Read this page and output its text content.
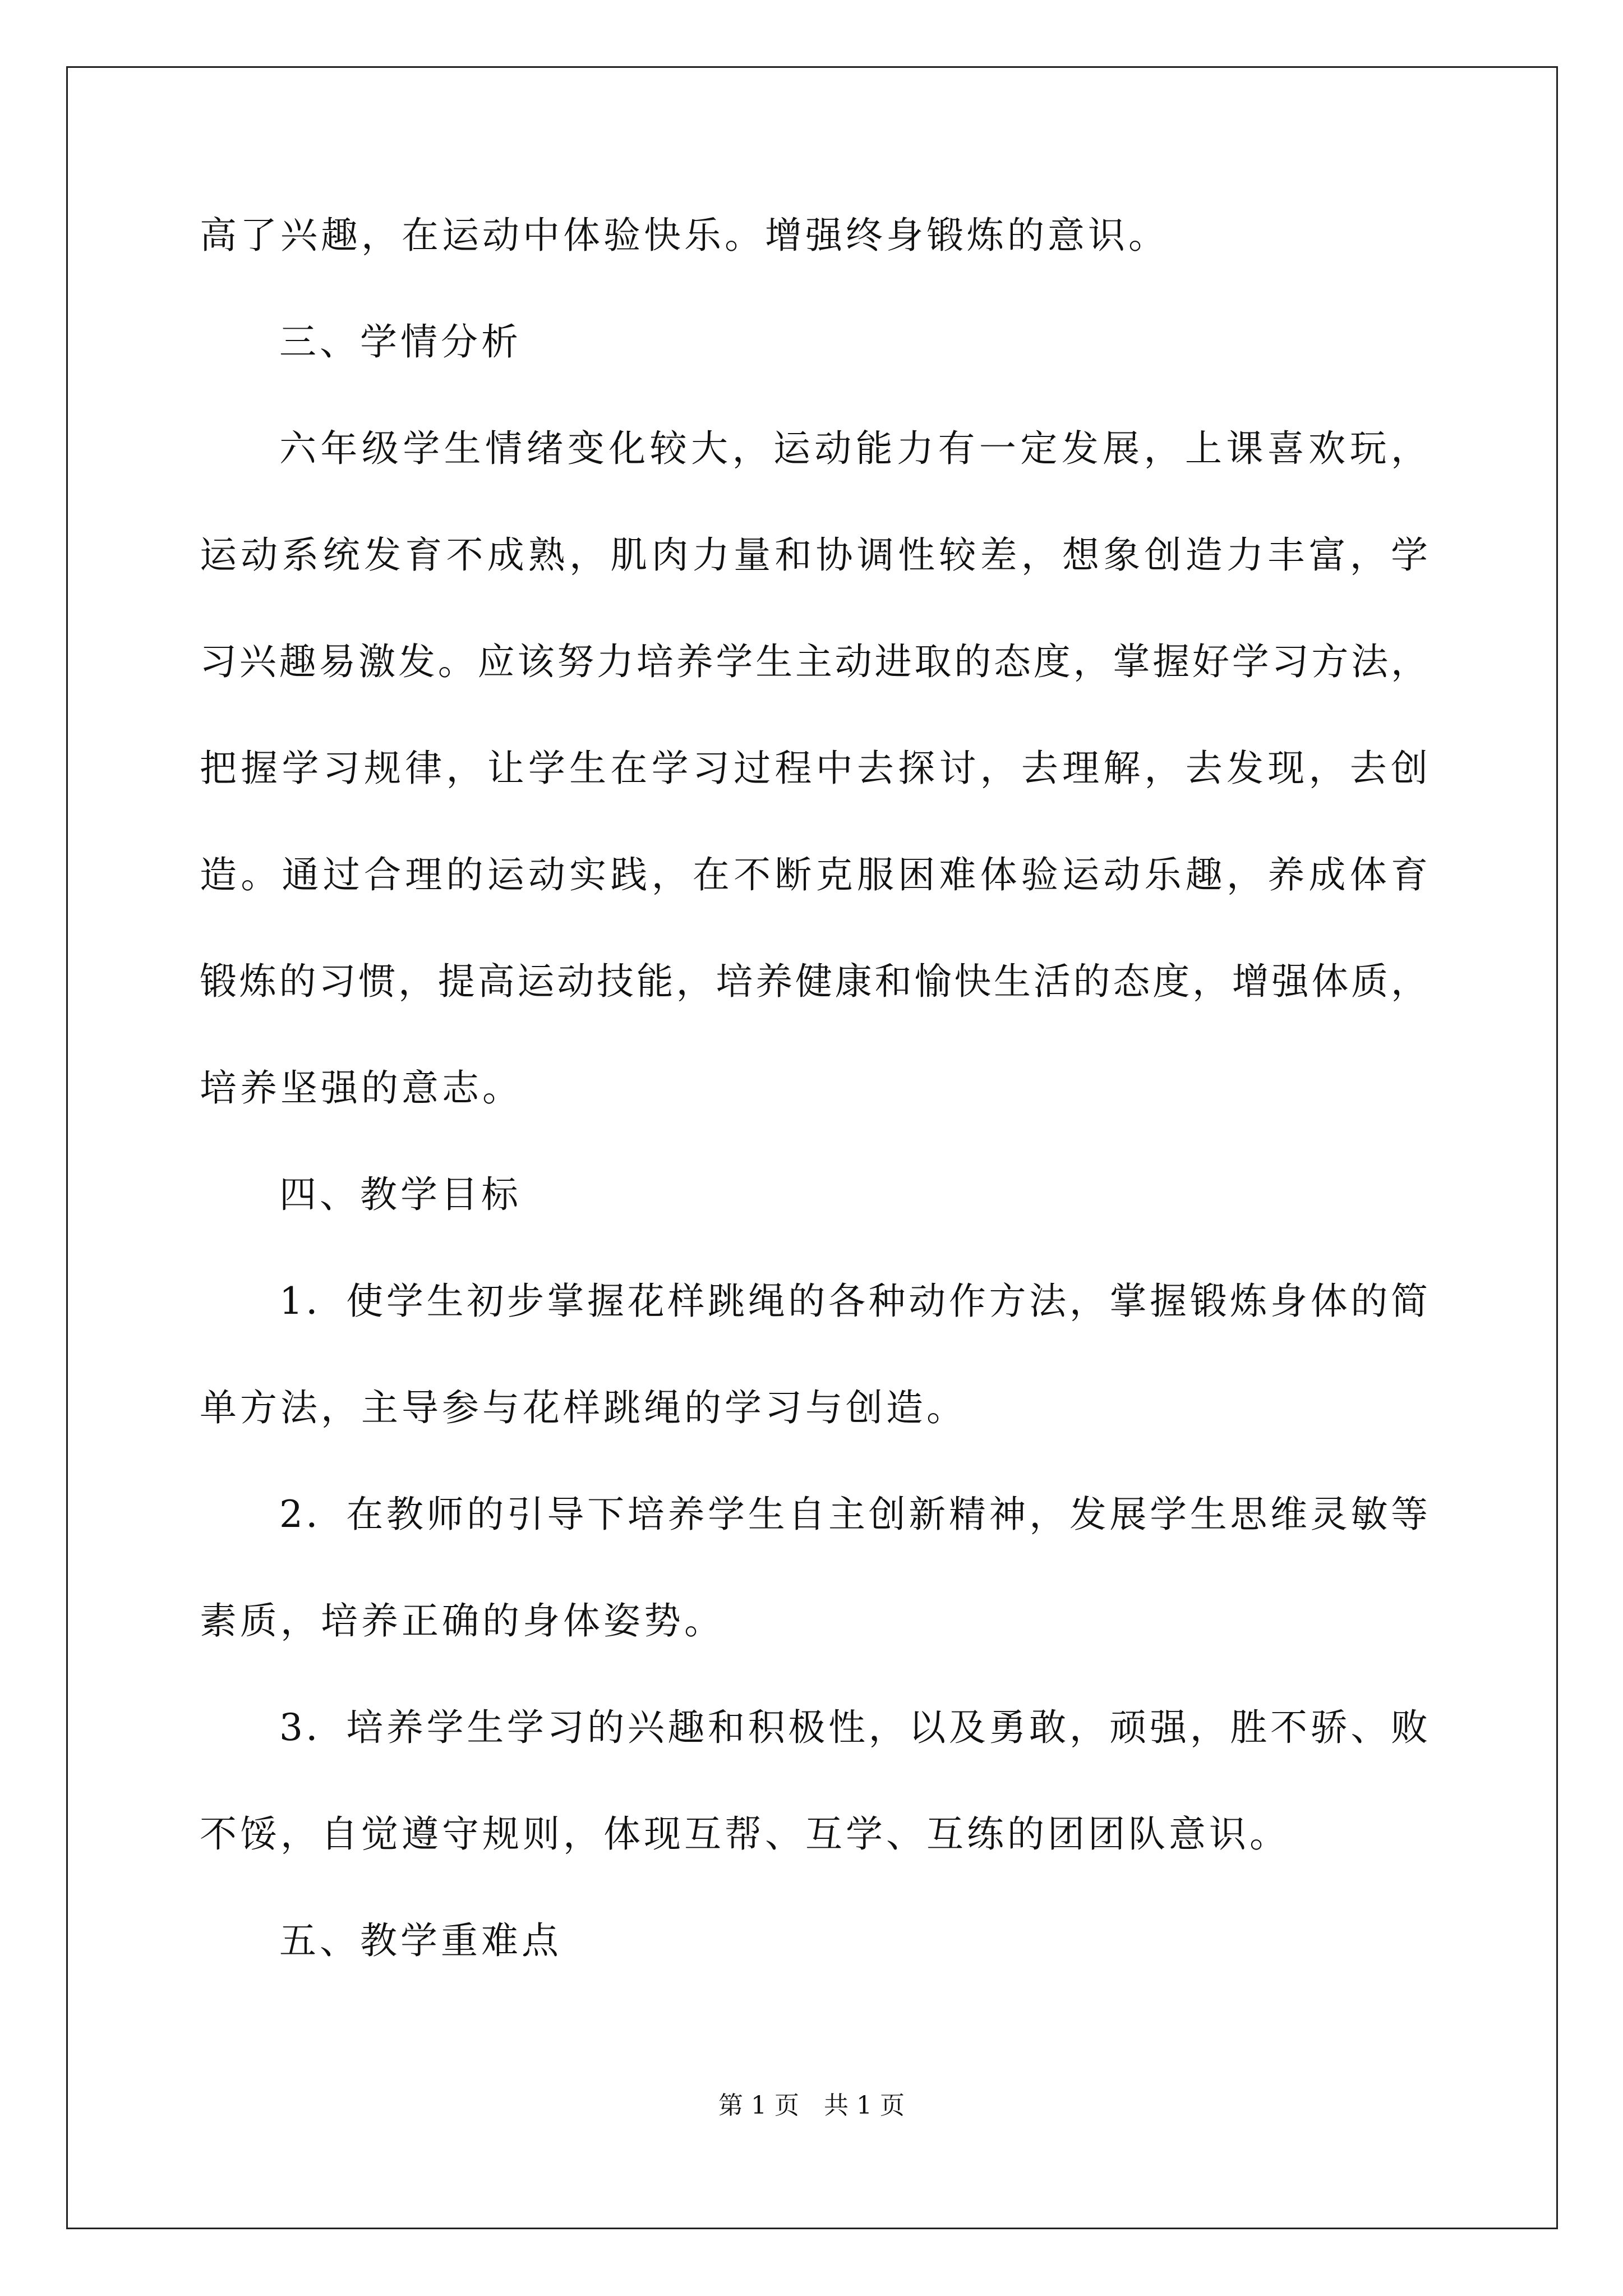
高了兴趣，在运动中体验快乐。增强终身锻炼的意识。
三、学情分析
六年级学生情绪变化较大，运动能力有一定发展，上课喜欢玩，
运动系统发育不成熟，肌肉力量和协调性较差，想象创造力丰富，学
习兴趣易激发。应该努力培养学生主动进取的态度，掌握好学习方法，
把握学习规律，让学生在学习过程中去探讨，去理解，去发现，去创
造。通过合理的运动实践，在不断克服困难体验运动乐趣，养成体育
锻炼的习惯，提高运动技能，培养健康和愉快生活的态度，增强体质，
培养坚强的意志。
四、教学目标
1．使学生初步掌握花样跳绳的各种动作方法，掌握锻炼身体的简
单方法，主导参与花样跳绳的学习与创造。
2．在教师的引导下培养学生自主创新精神，发展学生思维灵敏等
素质，培养正确的身体姿势。
3．培养学生学习的兴趣和积极性，以及勇敢，顽强，胜不骄、败
不馁，自觉遵守规则，体现互帮、互学、互练的团团队意识。
五、教学重难点
第 1 页　共 1 页
